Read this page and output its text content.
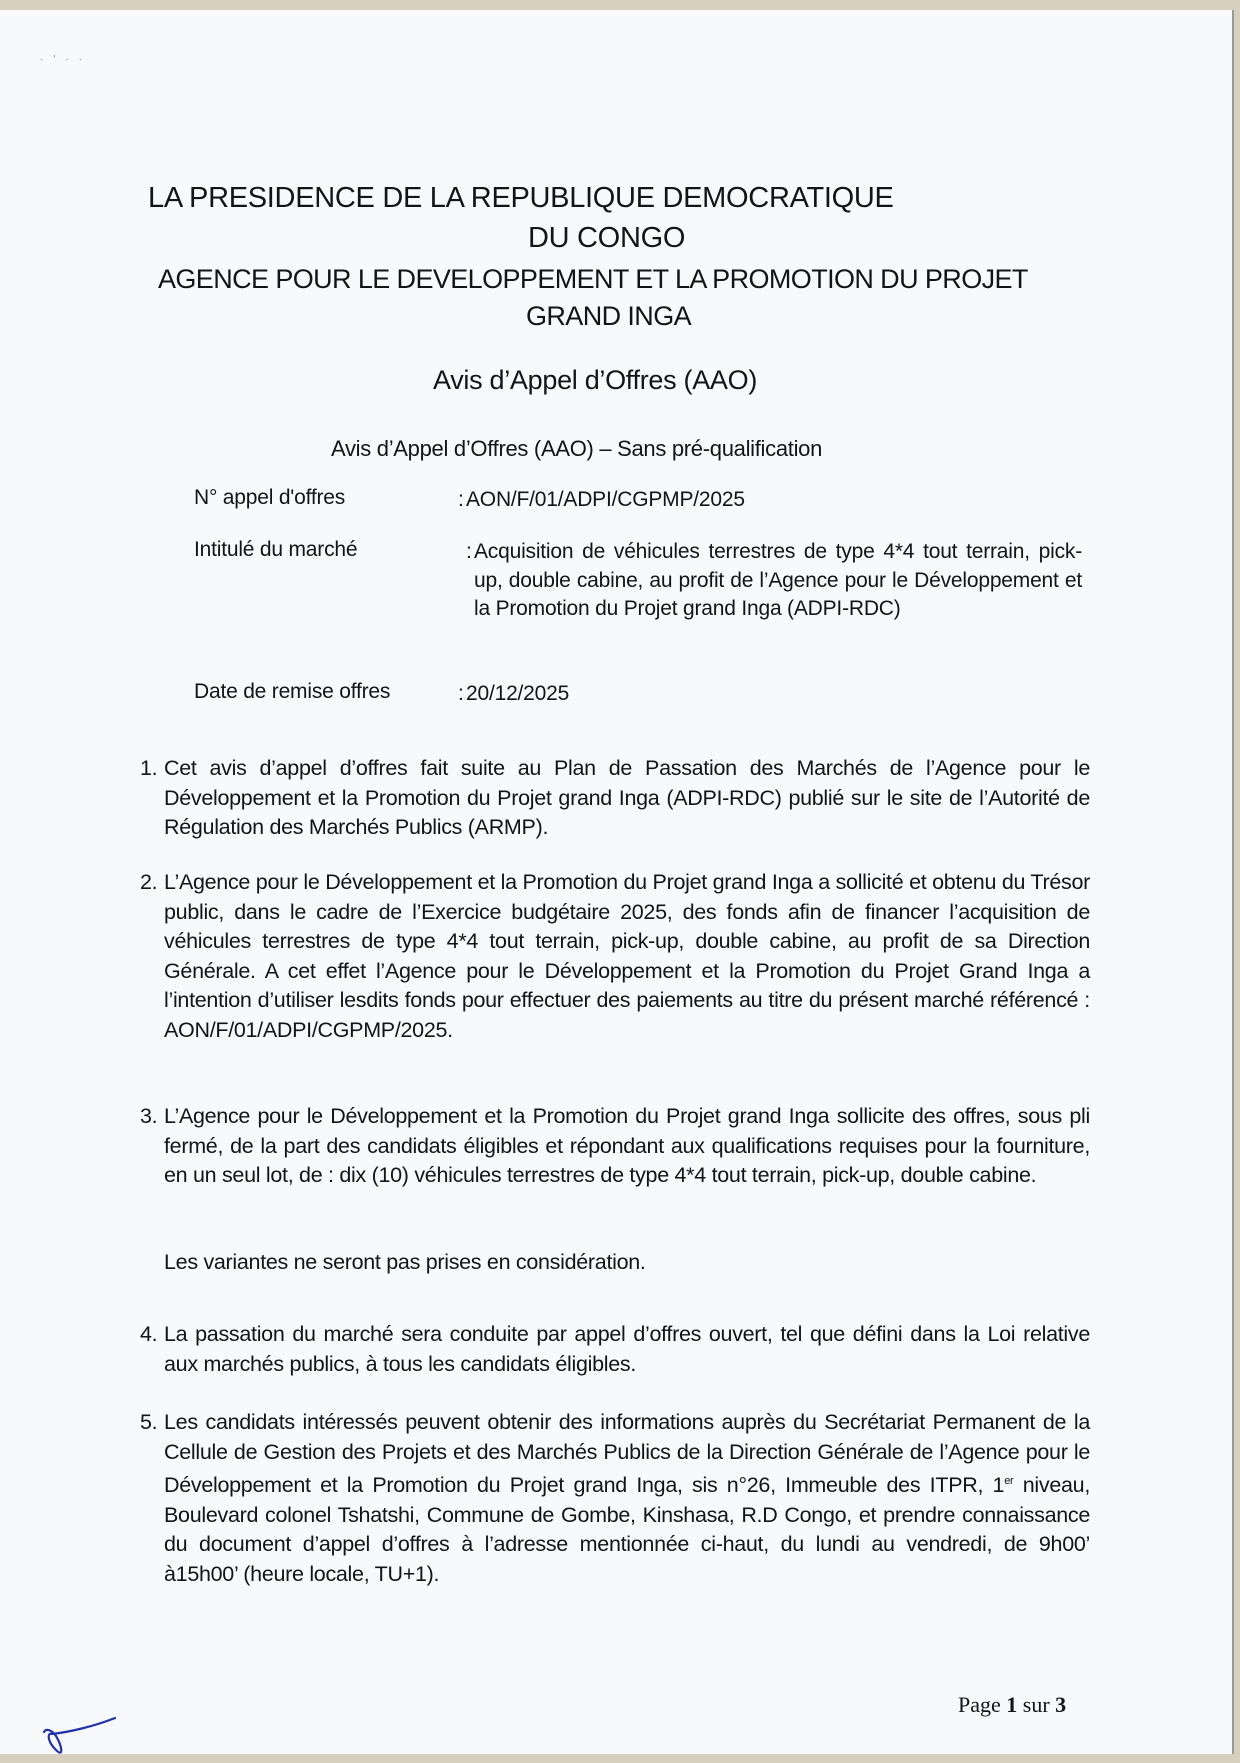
·'··
LA PRESIDENCE DE LA REPUBLIQUE DEMOCRATIQUE
DU CONGO
AGENCE POUR LE DEVELOPPEMENT ET LA PROMOTION DU PROJET
GRAND INGA
Avis d’Appel d’Offres (AAO)
Avis d’Appel d’Offres (AAO) – Sans pré-qualification
N° appel d'offres	: AON/F/01/ADPI/CGPMP/2025
Intitulé du marché	: Acquisition de véhicules terrestres de type 4*4 tout terrain, pick-up, double cabine, au profit de l’Agence pour le Développement et la Promotion du Projet grand Inga (ADPI-RDC)
Date de remise offres	: 20/12/2025
1. Cet avis d’appel d’offres fait suite au Plan de Passation des Marchés de l’Agence pour le Développement et la Promotion du Projet grand Inga (ADPI-RDC) publié sur le site de l’Autorité de Régulation des Marchés Publics (ARMP).
2. L’Agence pour le Développement et la Promotion du Projet grand Inga a sollicité et obtenu du Trésor public, dans le cadre de l’Exercice budgétaire 2025, des fonds afin de financer l’acquisition de véhicules terrestres de type 4*4 tout terrain, pick-up, double cabine, au profit de sa Direction Générale. A cet effet l’Agence pour le Développement et la Promotion du Projet Grand Inga a l’intention d’utiliser lesdits fonds pour effectuer des paiements au titre du présent marché référencé : AON/F/01/ADPI/CGPMP/2025.
3. L’Agence pour le Développement et la Promotion du Projet grand Inga sollicite des offres, sous pli fermé, de la part des candidats éligibles et répondant aux qualifications requises pour la fourniture, en un seul lot, de : dix (10) véhicules terrestres de type 4*4 tout terrain, pick-up, double cabine.
Les variantes ne seront pas prises en considération.
4. La passation du marché sera conduite par appel d’offres ouvert, tel que défini dans la Loi relative aux marchés publics, à tous les candidats éligibles.
5. Les candidats intéressés peuvent obtenir des informations auprès du Secrétariat Permanent de la Cellule de Gestion des Projets et des Marchés Publics de la Direction Générale de l’Agence pour le Développement et la Promotion du Projet grand Inga, sis n°26, Immeuble des ITPR, 1er niveau, Boulevard colonel Tshatshi, Commune de Gombe, Kinshasa, R.D Congo, et prendre connaissance du document d’appel d’offres à l’adresse mentionnée ci-haut, du lundi au vendredi, de 9h00’ à15h00’ (heure locale, TU+1).
Page 1 sur 3
